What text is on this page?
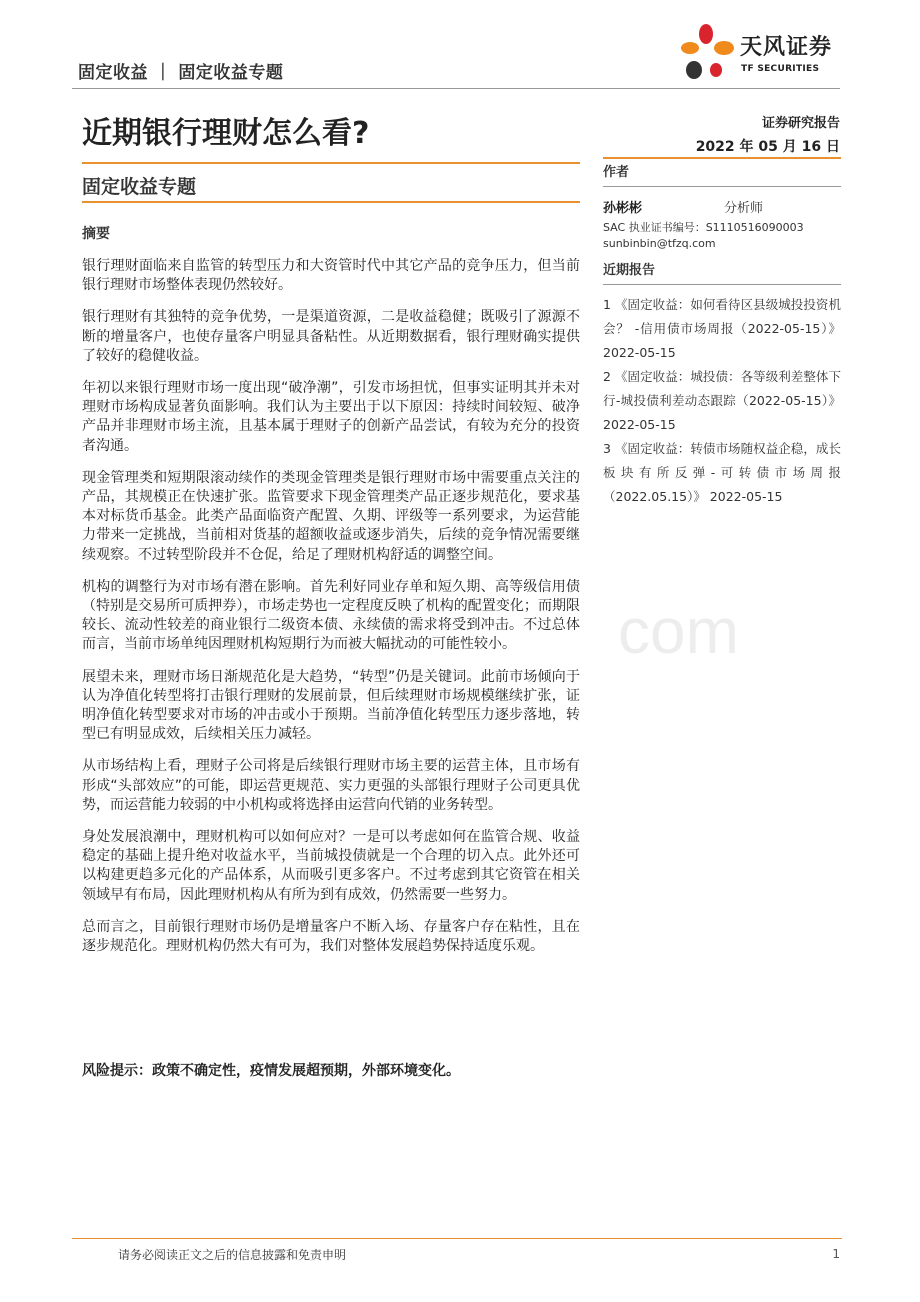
固定收益 ｜ 固定收益专题
天风证券
TF SECURITIES
近期银行理财怎么看?	证券研究报告
2022 年 05 月 16 日
固定收益专题
摘要

银行理财面临来自监管的转型压力和大资管时代中其它产品的竞争压力，但当前银行理财市场整体表现仍然较好。

银行理财有其独特的竞争优势，一是渠道资源，二是收益稳健；既吸引了源源不断的增量客户，也使存量客户明显具备粘性。从近期数据看，银行理财确实提供了较好的稳健收益。

年初以来银行理财市场一度出现“破净潮”，引发市场担忧，但事实证明其并未对理财市场构成显著负面影响。我们认为主要出于以下原因：持续时间较短、破净产品并非理财市场主流，且基本属于理财子的创新产品尝试，有较为充分的投资者沟通。

现金管理类和短期限滚动续作的类现金管理类是银行理财市场中需要重点关注的产品，其规模正在快速扩张。监管要求下现金管理类产品正逐步规范化，要求基本对标货币基金。此类产品面临资产配置、久期、评级等一系列要求，为运营能力带来一定挑战，当前相对货基的超额收益或逐步消失，后续的竞争情况需要继续观察。不过转型阶段并不仓促，给足了理财机构舒适的调整空间。

机构的调整行为对市场有潜在影响。首先利好同业存单和短久期、高等级信用债（特别是交易所可质押券），市场走势也一定程度反映了机构的配置变化；而期限较长、流动性较差的商业银行二级资本债、永续债的需求将受到冲击。不过总体而言，当前市场单纯因理财机构短期行为而被大幅扰动的可能性较小。

展望未来，理财市场日渐规范化是大趋势，“转型”仍是关键词。此前市场倾向于认为净值化转型将打击银行理财的发展前景，但后续理财市场规模继续扩张，证明净值化转型要求对市场的冲击或小于预期。当前净值化转型压力逐步落地，转型已有明显成效，后续相关压力减轻。

从市场结构上看，理财子公司将是后续银行理财市场主要的运营主体，且市场有形成“头部效应”的可能，即运营更规范、实力更强的头部银行理财子公司更具优势，而运营能力较弱的中小机构或将选择由运营向代销的业务转型。

身处发展浪潮中，理财机构可以如何应对？一是可以考虑如何在监管合规、收益稳定的基础上提升绝对收益水平，当前城投债就是一个合理的切入点。此外还可以构建更趋多元化的产品体系，从而吸引更多客户。不过考虑到其它资管在相关领域早有布局，因此理财机构从有所为到有成效，仍然需要一些努力。

总而言之，目前银行理财市场仍是增量客户不断入场、存量客户存在粘性，且在逐步规范化。理财机构仍然大有可为，我们对整体发展趋势保持适度乐观。

风险提示：政策不确定性，疫情发展超预期，外部环境变化。
作者
孙彬彬	分析师
SAC 执业证书编号：S1110516090003
sunbinbin@tfzq.com
近期报告
1 《固定收益：如何看待区县级城投投资机会？ -信用债市场周报（2022-05-15）》 2022-05-15
2 《固定收益：城投债：各等级利差整体下行-城投债利差动态跟踪（2022-05-15）》 2022-05-15
3 《固定收益：转债市场随权益企稳，成长板块有所反弹-可转债市场周报（2022.05.15）》 2022-05-15
com
请务必阅读正文之后的信息披露和免责申明	1
